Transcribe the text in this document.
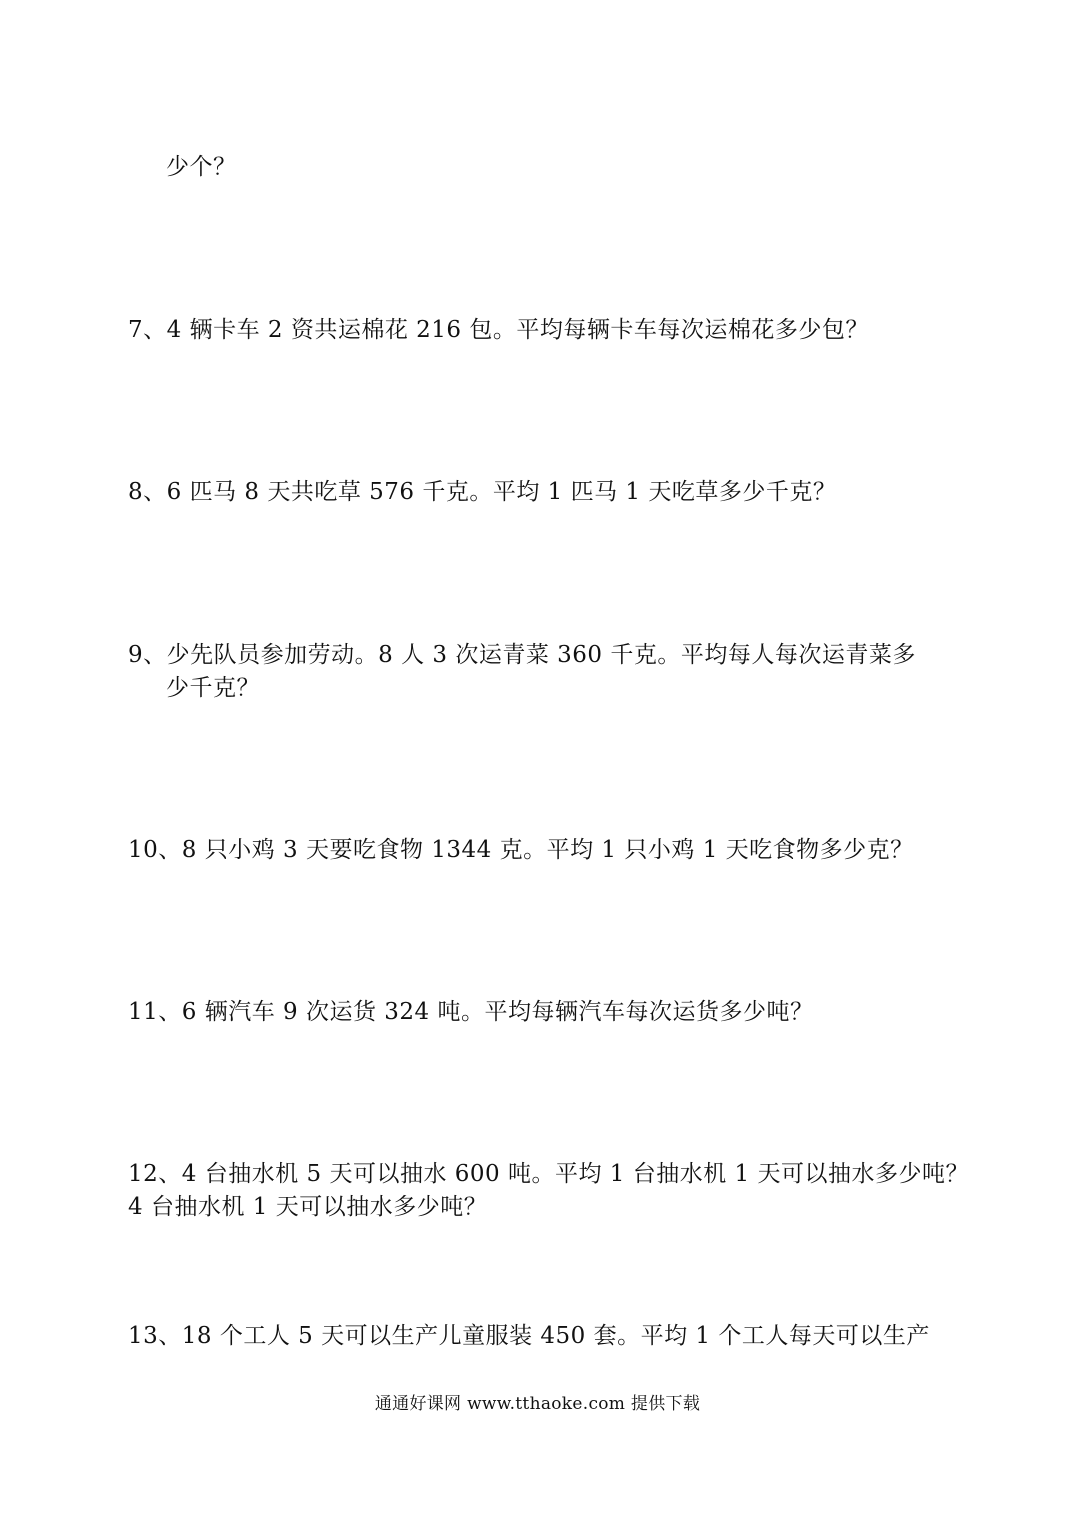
少个？
7、4 辆卡车 2 资共运棉花 216 包。平均每辆卡车每次运棉花多少包？
8、6 匹马 8 天共吃草 576 千克。平均 1 匹马 1 天吃草多少千克？
9、少先队员参加劳动。8 人 3 次运青菜 360 千克。平均每人每次运青菜多
少千克？
10、8 只小鸡 3 天要吃食物 1344 克。平均 1 只小鸡 1 天吃食物多少克？
11、6 辆汽车 9 次运货 324 吨。平均每辆汽车每次运货多少吨？
12、4 台抽水机 5 天可以抽水 600 吨。平均 1 台抽水机 1 天可以抽水多少吨？
4 台抽水机 1 天可以抽水多少吨？
13、18 个工人 5 天可以生产儿童服装 450 套。平均 1 个工人每天可以生产
通通好课网 www.tthaoke.com 提供下载
